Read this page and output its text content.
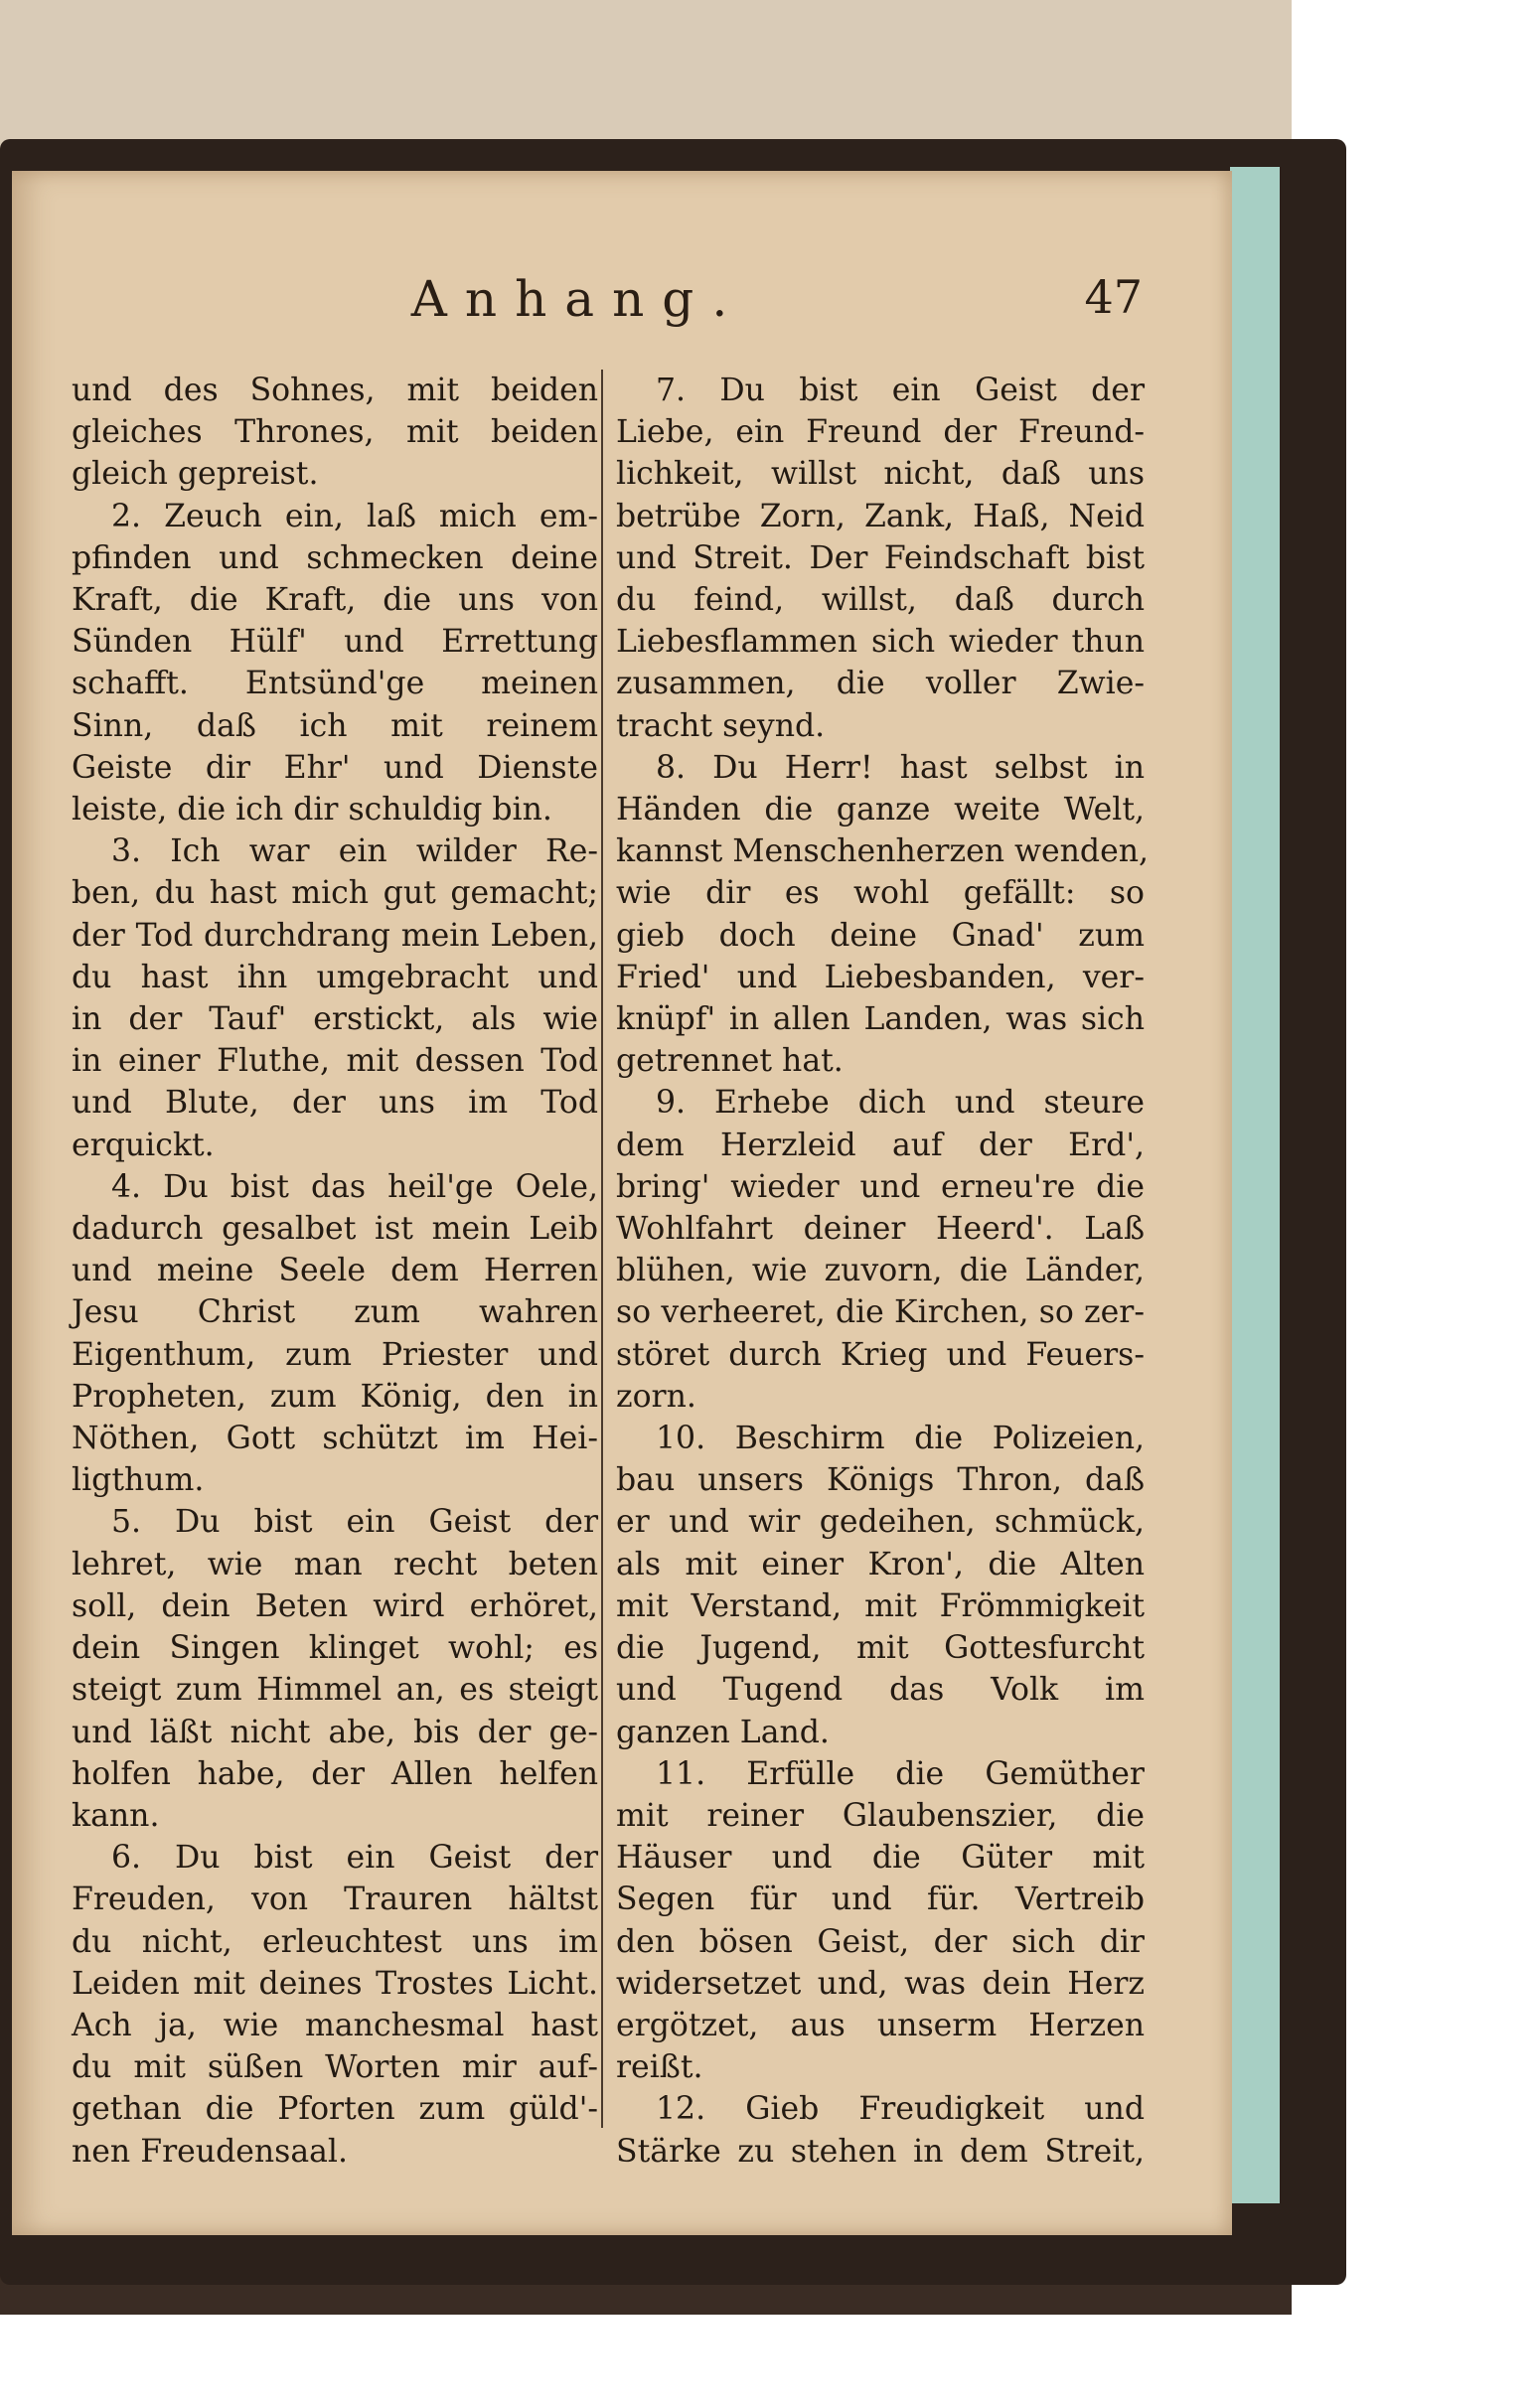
Anhang.	47
und des Sohnes, mit beiden
gleiches Thrones, mit beiden
gleich gepreist.
2. Zeuch ein, laß mich em-
pfinden und schmecken deine
Kraft, die Kraft, die uns von
Sünden Hülf' und Errettung
schafft. Entsünd'ge meinen
Sinn, daß ich mit reinem
Geiste dir Ehr' und Dienste
leiste, die ich dir schuldig bin.
3. Ich war ein wilder Re-
ben, du hast mich gut gemacht;
der Tod durchdrang mein Leben,
du hast ihn umgebracht und
in der Tauf' erstickt, als wie
in einer Fluthe, mit dessen Tod
und Blute, der uns im Tod
erquickt.
4. Du bist das heil'ge Oele,
dadurch gesalbet ist mein Leib
und meine Seele dem Herren
Jesu Christ zum wahren
Eigenthum, zum Priester und
Propheten, zum König, den in
Nöthen, Gott schützt im Hei-
ligthum.
5. Du bist ein Geist der
lehret, wie man recht beten
soll, dein Beten wird erhöret,
dein Singen klinget wohl; es
steigt zum Himmel an, es steigt
und läßt nicht abe, bis der ge-
holfen habe, der Allen helfen
kann.
6. Du bist ein Geist der
Freuden, von Trauren hältst
du nicht, erleuchtest uns im
Leiden mit deines Trostes Licht.
Ach ja, wie manchesmal hast
du mit süßen Worten mir auf-
gethan die Pforten zum güld'-
nen Freudensaal.
7. Du bist ein Geist der
Liebe, ein Freund der Freund-
lichkeit, willst nicht, daß uns
betrübe Zorn, Zank, Haß, Neid
und Streit. Der Feindschaft bist
du feind, willst, daß durch
Liebesflammen sich wieder thun
zusammen, die voller Zwie-
tracht seynd.
8. Du Herr! hast selbst in
Händen die ganze weite Welt,
kannst Menschenherzen wenden,
wie dir es wohl gefällt: so
gieb doch deine Gnad' zum
Fried' und Liebesbanden, ver-
knüpf' in allen Landen, was sich
getrennet hat.
9. Erhebe dich und steure
dem Herzleid auf der Erd',
bring' wieder und erneu're die
Wohlfahrt deiner Heerd'. Laß
blühen, wie zuvorn, die Länder,
so verheeret, die Kirchen, so zer-
störet durch Krieg und Feuers-
zorn.
10. Beschirm die Polizeien,
bau unsers Königs Thron, daß
er und wir gedeihen, schmück,
als mit einer Kron', die Alten
mit Verstand, mit Frömmigkeit
die Jugend, mit Gottesfurcht
und Tugend das Volk im
ganzen Land.
11. Erfülle die Gemüther
mit reiner Glaubenszier, die
Häuser und die Güter mit
Segen für und für. Vertreib
den bösen Geist, der sich dir
widersetzet und, was dein Herz
ergötzet, aus unserm Herzen
reißt.
12. Gieb Freudigkeit und
Stärke zu stehen in dem Streit,
